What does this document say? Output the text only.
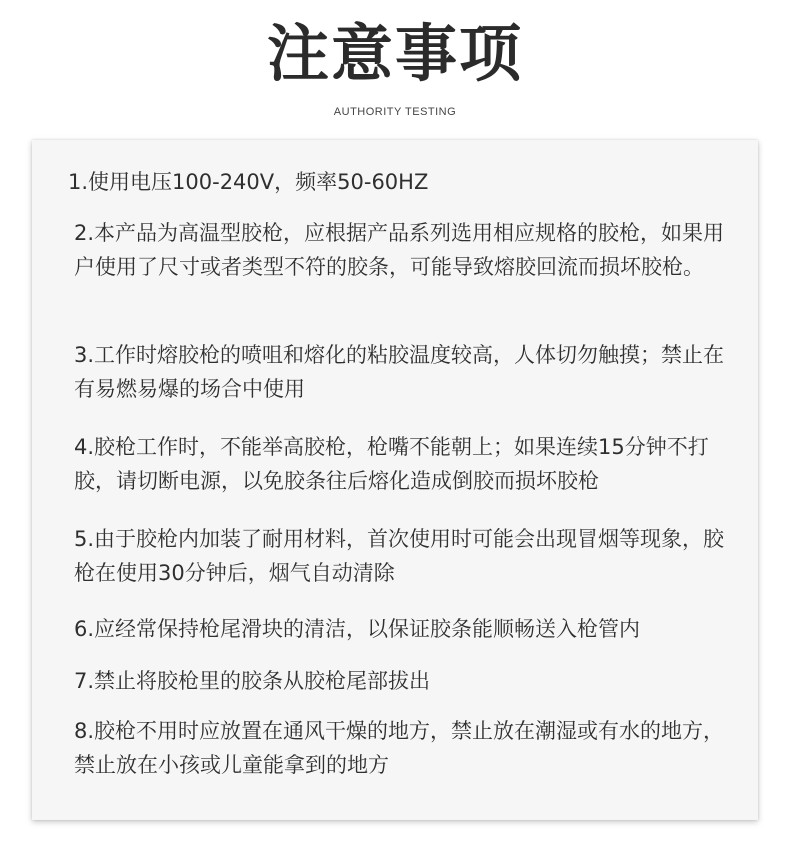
注意事项
AUTHORITY TESTING
1.使用电压100-240V，频率50-60HZ
2.本产品为高温型胶枪，应根据产品系列选用相应规格的胶枪，如果用户使用了尺寸或者类型不符的胶条，可能导致熔胶回流而损坏胶枪。
3.工作时熔胶枪的喷咀和熔化的粘胶温度较高，人体切勿触摸；禁止在有易燃易爆的场合中使用
4.胶枪工作时，不能举高胶枪，枪嘴不能朝上；如果连续15分钟不打胶，请切断电源，以免胶条往后熔化造成倒胶而损坏胶枪
5.由于胶枪内加装了耐用材料，首次使用时可能会出现冒烟等现象，胶枪在使用30分钟后，烟气自动清除
6.应经常保持枪尾滑块的清洁，以保证胶条能顺畅送入枪管内
7.禁止将胶枪里的胶条从胶枪尾部拔出
8.胶枪不用时应放置在通风干燥的地方，禁止放在潮湿或有水的地方，禁止放在小孩或儿童能拿到的地方
